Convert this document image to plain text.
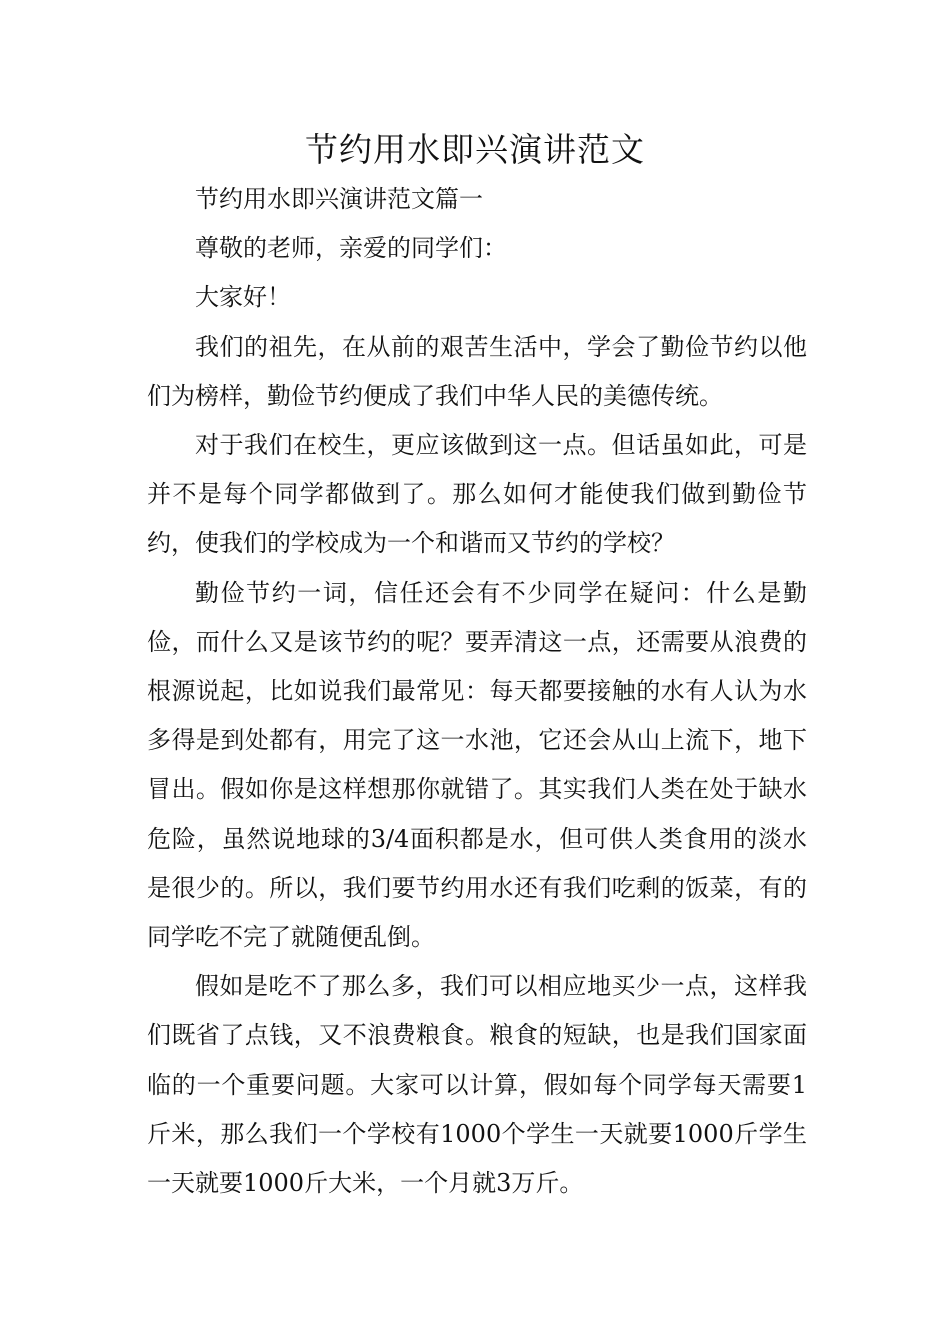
节约用水即兴演讲范文

节约用水即兴演讲范文篇一

尊敬的老师，亲爱的同学们：

大家好！

我们的祖先，在从前的艰苦生活中，学会了勤俭节约以他们为榜样，勤俭节约便成了我们中华人民的美德传统。

对于我们在校生，更应该做到这一点。但话虽如此，可是并不是每个同学都做到了。那么如何才能使我们做到勤俭节约，使我们的学校成为一个和谐而又节约的学校？

勤俭节约一词，信任还会有不少同学在疑问：什么是勤俭，而什么又是该节约的呢？要弄清这一点，还需要从浪费的根源说起，比如说我们最常见：每天都要接触的水有人认为水多得是到处都有，用完了这一水池，它还会从山上流下，地下冒出。假如你是这样想那你就错了。其实我们人类在处于缺水危险，虽然说地球的3/4面积都是水，但可供人类食用的淡水是很少的。所以，我们要节约用水还有我们吃剩的饭菜，有的同学吃不完了就随便乱倒。

假如是吃不了那么多，我们可以相应地买少一点，这样我们既省了点钱，又不浪费粮食。粮食的短缺，也是我们国家面临的一个重要问题。大家可以计算，假如每个同学每天需要1斤米，那么我们一个学校有1000个学生一天就要1000斤学生一天就要1000斤大米，一个月就3万斤。
